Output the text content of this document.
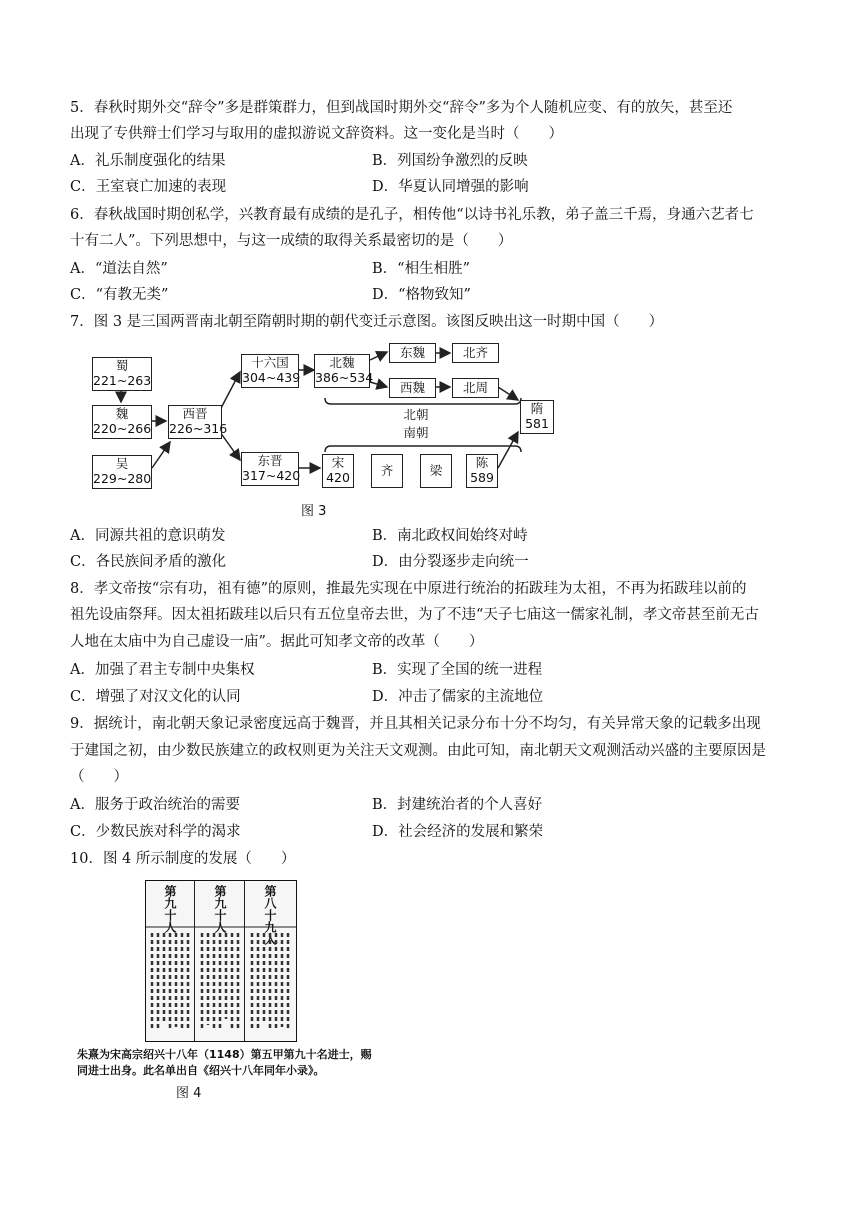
5．春秋时期外交“辞令”多是群策群力，但到战国时期外交“辞令”多为个人随机应变、有的放矢，甚至还
出现了专供辩士们学习与取用的虚拟游说文辞资料。这一变化是当时（　　）
A．礼乐制度强化的结果	B．列国纷争激烈的反映
C．王室衰亡加速的表现	D．华夏认同增强的影响
6．春秋战国时期创私学，兴教育最有成绩的是孔子，相传他“以诗书礼乐教，弟子盖三千焉，身通六艺者七
十有二人”。下列思想中，与这一成绩的取得关系最密切的是（　　）
A．“道法自然”	B．“相生相胜”
C．“有教无类”	D．“格物致知”
7．图 3 是三国两晋南北朝至隋朝时期的朝代变迁示意图。该图反映出这一时期中国（　　）
蜀
221~263
魏
220~266
吴
229~280
西晋
226~316
十六国
304~439
东晋
317~420
北魏
386~534
东魏
西魏
北齐
北周
宋
420	齐	梁
陈
589
隋
581
北朝
南朝
图 3
A．同源共祖的意识萌发	B．南北政权间始终对峙
C．各民族间矛盾的激化	D．由分裂逐步走向统一
8．孝文帝按“宗有功，祖有德”的原则，推最先实现在中原进行统治的拓跋珪为太祖，不再为拓跋珪以前的
祖先设庙祭拜。因太祖拓跋珪以后只有五位皇帝去世，为了不违“天子七庙这一儒家礼制，孝文帝甚至前无古
人地在太庙中为自己虚设一庙”。据此可知孝文帝的改革（　　）
A．加强了君主专制中央集权	B．实现了全国的统一进程
C．增强了对汉文化的认同	D．冲击了儒家的主流地位
9．据统计，南北朝天象记录密度远高于魏晋，并且其相关记录分布十分不均匀，有关异常天象的记载多出现
于建国之初，由少数民族建立的政权则更为关注天文观测。由此可知，南北朝天文观测活动兴盛的主要原因是
（　　）
A．服务于政治统治的需要	B．封建统治者的个人喜好
C．少数民族对科学的渴求	D．社会经济的发展和繁荣
10．图 4 所示制度的发展（　　）
第九十人	第九十人	第八十九人
朱熹为宋高宗绍兴十八年（1148）第五甲第九十名进士，赐
同进士出身。此名单出自《绍兴十八年同年小录》。
图 4
